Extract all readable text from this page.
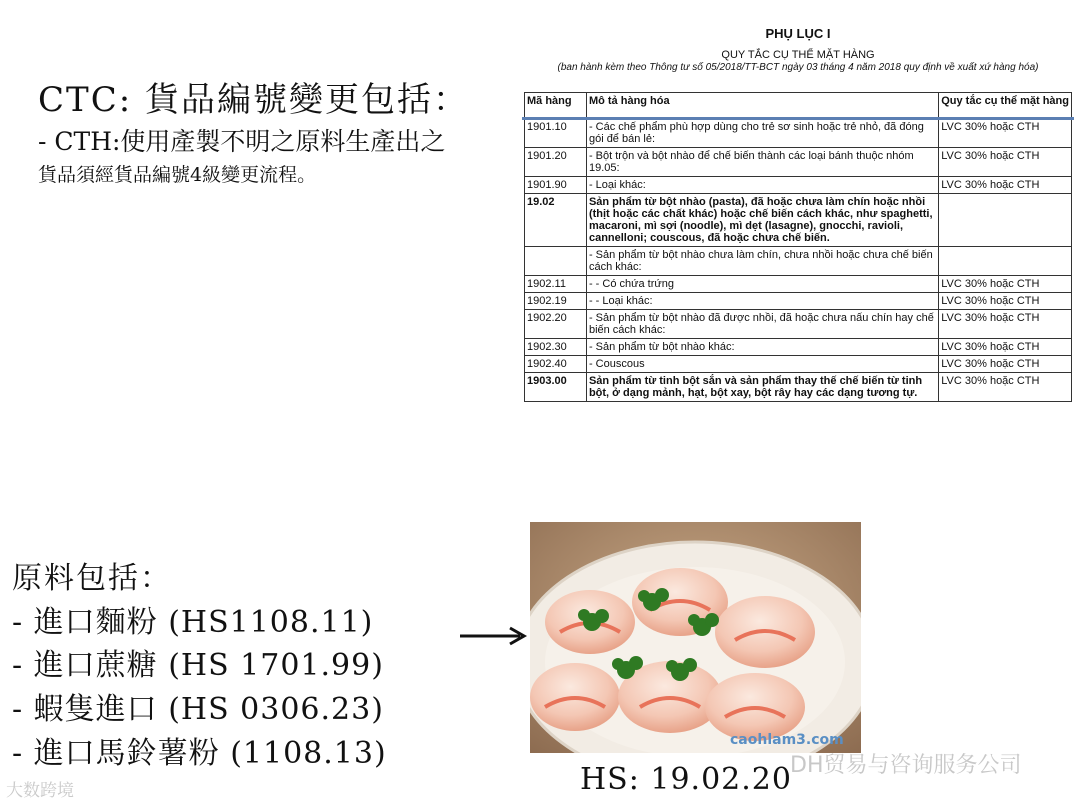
CTC: 貨品編號變更包括：
- CTH:使用產製不明之原料生產出之
貨品須經貨品編號4級變更流程。
PHỤ LỤC I
QUY TẮC CỤ THỂ MẶT HÀNG
(ban hành kèm theo Thông tư số 05/2018/TT-BCT ngày 03 tháng 4 năm 2018 quy định về xuất xứ hàng hóa)
Mã hàng	Mô tả hàng hóa	Quy tắc cụ thể mặt hàng
1901.10	- Các chế phẩm phù hợp dùng cho trẻ sơ sinh hoặc trẻ nhỏ, đã đóng gói để bán lẻ:	LVC 30% hoặc CTH
1901.20	- Bột trộn và bột nhào để chế biến thành các loại bánh thuộc nhóm 19.05:	LVC 30% hoặc CTH
1901.90	- Loại khác:	LVC 30% hoặc CTH
19.02	Sản phẩm từ bột nhào (pasta), đã hoặc chưa làm chín hoặc nhồi (thịt hoặc các chất khác) hoặc chế biến cách khác, như spaghetti, macaroni, mì sợi (noodle), mì dẹt (lasagne), gnocchi, ravioli, cannelloni; couscous, đã hoặc chưa chế biến.	
	- Sản phẩm từ bột nhào chưa làm chín, chưa nhồi hoặc chưa chế biến cách khác:	
1902.11	- - Có chứa trứng	LVC 30% hoặc CTH
1902.19	- - Loại khác:	LVC 30% hoặc CTH
1902.20	- Sản phẩm từ bột nhào đã được nhồi, đã hoặc chưa nấu chín hay chế biến cách khác:	LVC 30% hoặc CTH
1902.30	- Sản phẩm từ bột nhào khác:	LVC 30% hoặc CTH
1902.40	- Couscous	LVC 30% hoặc CTH
1903.00	Sản phẩm từ tinh bột sắn và sản phẩm thay thế chế biến từ tinh bột, ở dạng mảnh, hạt, bột xay, bột rây hay các dạng tương tự.	LVC 30% hoặc CTH
原料包括：
- 進口麵粉 (HS1108.11)
- 進口蔗糖 (HS 1701.99)
- 蝦隻進口 (HS 0306.23)
- 進口馬鈴薯粉 (1108.13)	caohlam3.com
HS: 19.02.20
大数跨境
DH贸易与咨询服务公司
